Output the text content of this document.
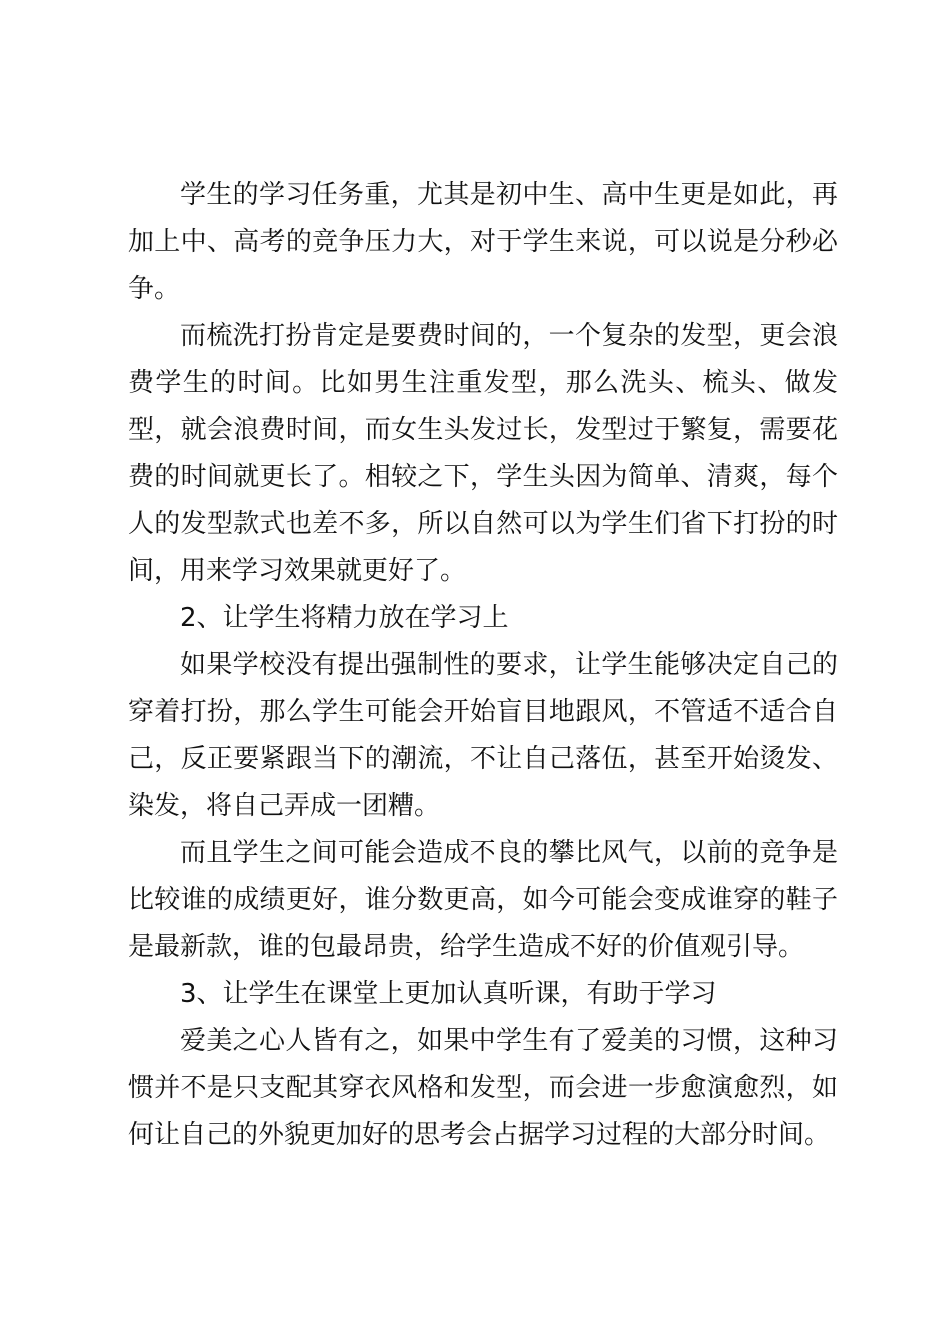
学生的学习任务重，尤其是初中生、高中生更是如此，再加上中、高考的竞争压力大，对于学生来说，可以说是分秒必争。

而梳洗打扮肯定是要费时间的，一个复杂的发型，更会浪费学生的时间。比如男生注重发型，那么洗头、梳头、做发型，就会浪费时间，而女生头发过长，发型过于繁复，需要花费的时间就更长了。相较之下，学生头因为简单、清爽，每个人的发型款式也差不多，所以自然可以为学生们省下打扮的时间，用来学习效果就更好了。

2、让学生将精力放在学习上

如果学校没有提出强制性的要求，让学生能够决定自己的穿着打扮，那么学生可能会开始盲目地跟风，不管适不适合自己，反正要紧跟当下的潮流，不让自己落伍，甚至开始烫发、染发，将自己弄成一团糟。

而且学生之间可能会造成不良的攀比风气，以前的竞争是比较谁的成绩更好，谁分数更高，如今可能会变成谁穿的鞋子是最新款，谁的包最昂贵，给学生造成不好的价值观引导。

3、让学生在课堂上更加认真听课，有助于学习

爱美之心人皆有之，如果中学生有了爱美的习惯，这种习惯并不是只支配其穿衣风格和发型，而会进一步愈演愈烈，如何让自己的外貌更加好的思考会占据学习过程的大部分时间。
